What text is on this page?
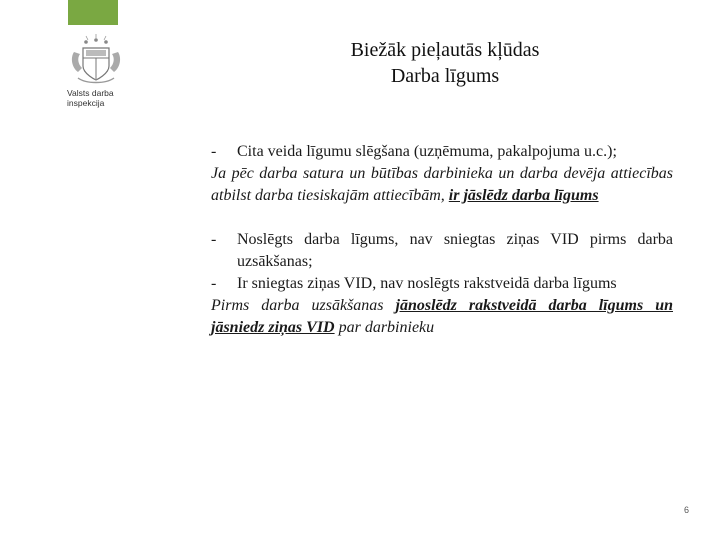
Valsts darba
inspekcija
Biežāk pieļautās kļūdas
Darba līgums
-	Cita veida līgumu slēgšana (uzņēmuma, pakalpojuma u.c.);
Ja pēc darba satura un būtības darbinieka un darba devēja attiecības atbilst darba tiesiskajām attiecībām, ir jāslēdz darba līgums
-	Noslēgts darba līgums, nav sniegtas ziņas VID pirms darba uzsākšanas;
-	Ir sniegtas ziņas VID, nav noslēgts rakstveidā darba līgums
Pirms darba uzsākšanas jānoslēdz rakstveidā darba līgums un jāsniedz ziņas VID par darbinieku
6
